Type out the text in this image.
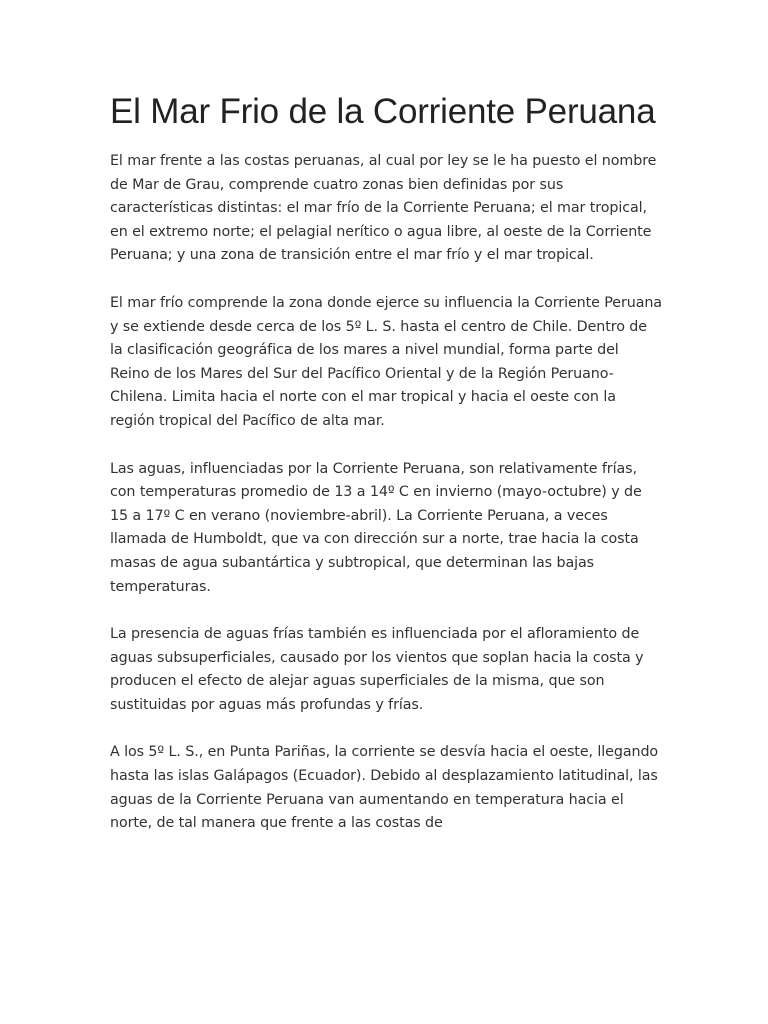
El Mar Frio de la Corriente Peruana

El mar frente a las costas peruanas, al cual por ley se le ha puesto el nombre de Mar de Grau, comprende cuatro zonas bien definidas por sus características distintas: el mar frío de la Corriente Peruana; el mar tropical, en el extremo norte; el pelagial nerítico o agua libre, al oeste de la Corriente Peruana; y una zona de transición entre el mar frío y el mar tropical.

El mar frío comprende la zona donde ejerce su influencia la Corriente Peruana y se extiende desde cerca de los 5º L. S. hasta el centro de Chile. Dentro de la clasificación geográfica de los mares a nivel mundial, forma parte del Reino de los Mares del Sur del Pacífico Oriental y de la Región Peruano-Chilena. Limita hacia el norte con el mar tropical y hacia el oeste con la región tropical del Pacífico de alta mar.

Las aguas, influenciadas por la Corriente Peruana, son relativamente frías, con temperaturas promedio de 13 a 14º C en invierno (mayo-octubre) y de 15 a 17º C en verano (noviembre-abril). La Corriente Peruana, a veces llamada de Humboldt, que va con dirección sur a norte, trae hacia la costa masas de agua subantártica y subtropical, que determinan las bajas temperaturas.

La presencia de aguas frías también es influenciada por el afloramiento de aguas subsuperficiales, causado por los vientos que soplan hacia la costa y producen el efecto de alejar aguas superficiales de la misma, que son sustituidas por aguas más profundas y frías.

A los 5º L. S., en Punta Pariñas, la corriente se desvía hacia el oeste, llegando hasta las islas Galápagos (Ecuador). Debido al desplazamiento latitudinal, las aguas de la Corriente Peruana van aumentando en temperatura hacia el norte, de tal manera que frente a las costas de
